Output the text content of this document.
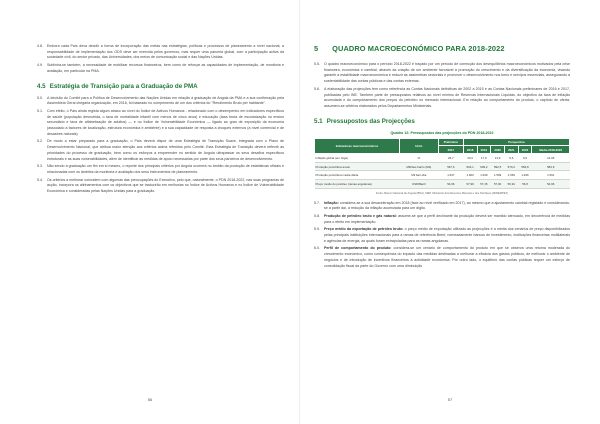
4.8.	Embora cada País deva decidir a forma de incorporação das metas nas estratégias, políticas e processos de planeamento a nível nacional, a responsabilidade de implementação dos ODS deve ser exercida pelos governos, mas requer uma parceria global, com a participação activa da sociedade civil, do sector privado, das Universidades, dos meios de comunicação social e das Nações Unidas.
4.9.	Sublinha-se também, a necessidade de mobilizar recursos financeiros, bem como de reforçar as capacidades de implementação, de monitoria e avaliação, em particular na PMA.
4.5 Estratégia de Transição para a Graduação de PMA
5.0.	A decisão do Comité para a Política de Desenvolvimento das Nações Unidas em relação à graduação de Angola da PMA e a sua confirmação pela Assembleia Geral chegaria organização, em 2016, foi baseado no cumprimento de um dos critérios do "Rendimento Bruto per habitante".
5.1.	Com efeito, o País ainda regista algum atraso ao nível do Índice de Activos Humanos - relacionado com o desempenho em indicadores específicos de saúde (população desnutrida, o taxa de mortalidade infantil com menos de cinco anos) e educação (taxa bruta de escolarização no ensino secundário e taxa de alfabetização de adultos) — e no Índice de Vulnerabilidade Económica — ligado ao grau de exposição da economia (associado a factores de localização, estrutura económica e ambiente) e à sua capacidade de resposta a choques externos (a nível comercial e de desastres naturais).
5.2.	De modo a estar preparado para a graduação, o País deverá dispor de uma Estratégia de Transição Suave, integrada com o Plano de Desenvolvimento Nacional, que atribua maior atenção aos critérios acima referidos pelo Comité. Esta Estratégia de Transição deverá reflectir as prioridades do processo de graduação, bem como os esforços a empreender no sentido de Angola ultrapassar os seus desafios específicos estruturais e as suas vulnerabilidades, além de identificar as medidas de apoio necessárias por parte dos seus parceiros de desenvolvimento.
5.3.	Não sendo a graduação um fim em si mesmo, o reporte dos principais critérios por Angola ocorrerá no âmbito da produção de estatísticas oficiais e relacionadas com os âmbitos da monitoria e avaliação dos seus instrumentos de planeamento.
5.4.	Os critérios a melhorar coincidem com algumas das preocupações do Executivo, pelo que, naturalmente, o PDN 2018-2022, nas suas programas de acção, incorpora os alinhamentos com os objectivos que se traduzirão em melhorias no Índice de Activos Humanos e no Índice de Vulnerabilidade Económica e consideradas pelas Nações Unidas para a graduação.
56
5 QUADRO MACROECONÓMICO PARA 2018-2022
5.5.	O quadro macroeconómico para o período 2018-2022 é traçado por um período de correcção dos desequilíbrios macroeconómicos motivados pela crise financeira, económica e cambial, através da criação de um ambiente favorável à promoção do crescimento e da diversificação da economia, visando garantir a estabilidade macroeconómica e reduzir as assimetrias sectoriais e promover o desenvolvimento nos bens e serviços essenciais, assegurando a sustentabilidade das contas públicas e das contas externas.
5.6.	A elaboração das projecções tem como referência as Contas Nacionais definitivas de 2002 a 2015 e as Contas Nacionais preliminares de 2016 e 2017, publicadas pelo INE. Também parte de pressupostos relativos ao nível mínimo de Reservas Internacionais Líquidas, do objectivo da taxa de inflação acumulada e do comportamento dos preços do petróleo no mercado internacional. Em relação ao comportamento do produto, o capítulo de oferta, assumem-se critérios elaborados pelos Departamentos Ministeriais.
5.1 Pressupostos das Projecções
Quadro 12: Pressupostos das projecções do PDN 2018-2022
Indicadores macroeconómicos	Unid.	Preliminar	Perspectiva					
		2017	2018	2019	2020	2021	2022	Média 2018-2022
Inflação global (em ótiga)	%	26,7	23,0	17,9	13,9	9,5	6,9	14,06
Produção petrolífera anual	Milhões barris (Mb)	597,6	602,1	609,2	592,5	570,2	584,8	583,9
Produção petrolífera média diária	Mil barr./dia	1.637	1.600	1.639	1.599	1.563	1.496	1.591
Preço médio do petróleo (ramas angolanas)	USD/Barril	54,96	57,99	57,15	57,00	56,91	56,8	54,96
Fonte: Banco Nacional de Angola (BNA), MEP, Ministério dos Recursos Minerais e dos Petróleos (MIREMPET)
5.7.	Inflação: considera-se a sua desaceleração em 2018 (face ao nível verificado em 2017), ao mesmo que a ajustamento cambial registado e considerando-se a partir daí, a redução da inflação acumulada para um dígito.
5.8.	Produção de petróleo bruto e gás natural: assume-se que a perfil declinante da produção deverá ser mantido atenuado, em decorrência de medidas para o efeito em implementação.
5.9.	Preço médio da exportação de petróleo bruto: o preço médio de exportação utilizado as projecções é a média dos cenários de preço disponibilizados pelas principais instituições internacionais para a ramas de referência Brent, nomeadamente bancos de investimento, instituições financeiras multilaterais e agências de energia, as quais foram extrapoladas para as ramas angolanas.
6.0.	Perfil de comportamento do produto: considera-se um cenário de comportamento do produto em que se observa uma retoma moderada do crescimento económico, como consequência do impacto das medidas destinadas a melhorar a eficácia dos gastos públicos, de melhorar o ambiente de negócios e de introdução de incentivos financeiros à actividade económica. Por outro lado, o equilíbrio das contas públicas requer um esforço de consolidação fiscal da parte do Governo com uma diminuição
57
